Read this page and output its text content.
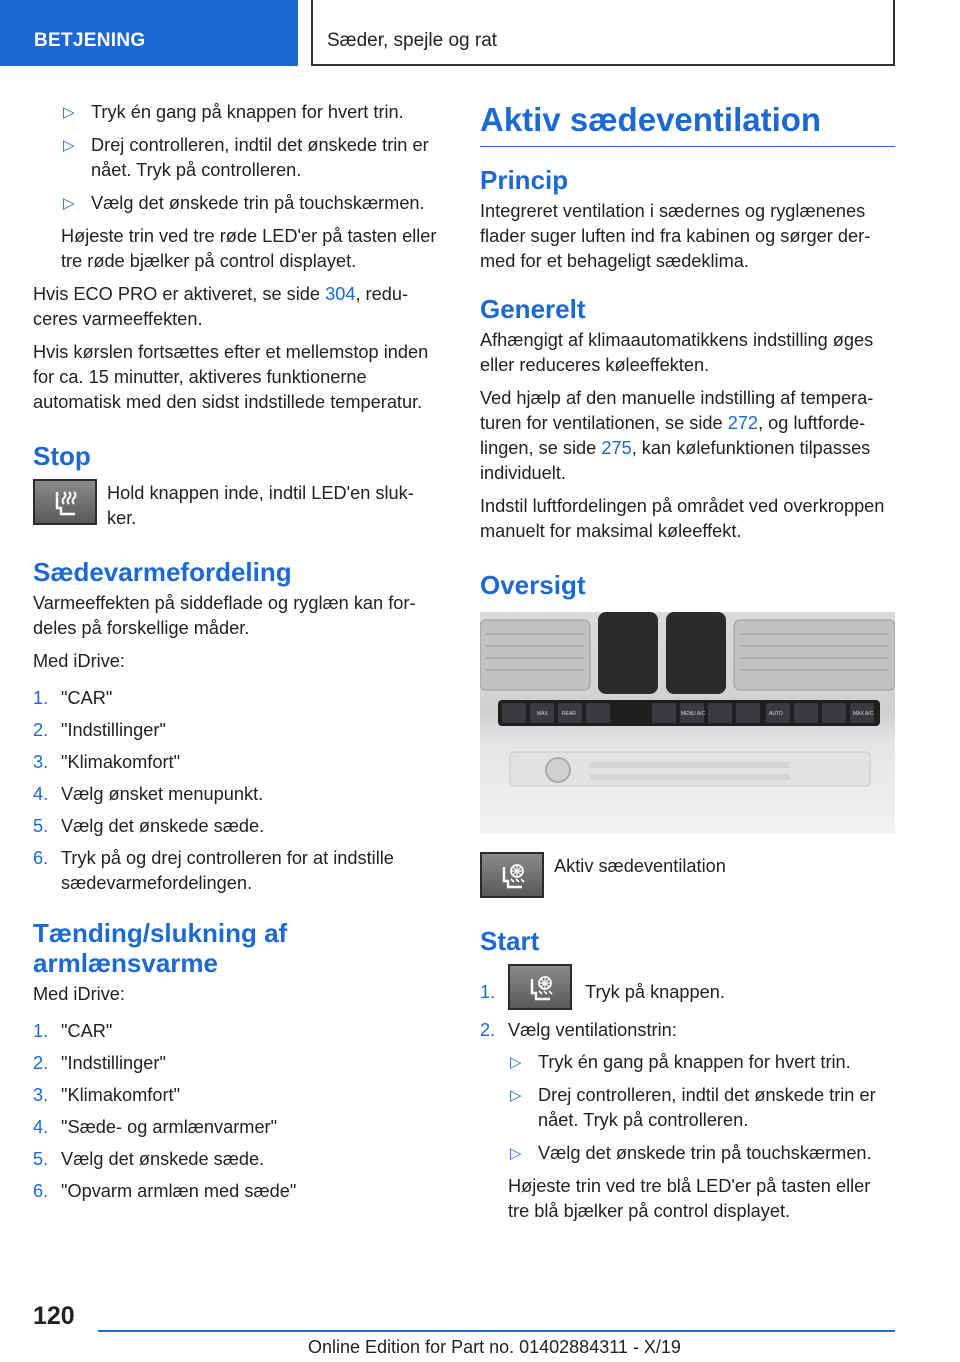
BETJENING	Sæder, spejle og rat
▷ Tryk én gang på knappen for hvert trin.
▷ Drej controlleren, indtil det ønskede trin er nået. Tryk på controlleren.
▷ Vælg det ønskede trin på touchskærmen.

Højeste trin ved tre røde LED'er på tasten eller tre røde bjælker på control displayet.

Hvis ECO PRO er aktiveret, se side 304, reduceres varmeeffekten.

Hvis kørslen fortsættes efter et mellemstop inden for ca. 15 minutter, aktiveres funktionerne automatisk med den sidst indstillede temperatur.

Stop
Hold knappen inde, indtil LED'en slukker.
Sædevarmefordeling

Varmeeffekten på siddeflade og ryglæn kan fordeles på forskellige måder.

Med iDrive:

1. "CAR"
2. "Indstillinger"
3. "Klimakomfort"
4. Vælg ønsket menupunkt.
5. Vælg det ønskede sæde.
6. Tryk på og drej controlleren for at indstille sædevarmefordelingen.
Tænding/slukning af armlænsvarme

Med iDrive:

1. "CAR"
2. "Indstillinger"
3. "Klimakomfort"
4. "Sæde- og armlænvarmer"
5. Vælg det ønskede sæde.
6. "Opvarm armlæn med sæde"
Aktiv sædeventilation
Princip

Integreret ventilation i sædernes og ryglænenes flader suger luften ind fra kabinen og sørger dermed for et behageligt sædeklima.

Generelt

Afhængigt af klimaautomatikkens indstilling øges eller reduceres køleeffekten.

Ved hjælp af den manuelle indstilling af temperaturen for ventilationen, se side 272, og luftfordelingen, se side 275, kan kølefunktionen tilpasses individuelt.

Indstil luftfordelingen på området ved overkroppen manuelt for maksimal køleeffekt.

Oversigt
MAX	REAR	MENU A/C	AUTO	MAX A/C
Aktiv sædeventilation
Start
1.	Tryk på knappen.
2. Vælg ventilationstrin:
▷ Tryk én gang på knappen for hvert trin.
▷ Drej controlleren, indtil det ønskede trin er nået. Tryk på controlleren.
▷ Vælg det ønskede trin på touchskærmen.

Højeste trin ved tre blå LED'er på tasten eller tre blå bjælker på control displayet.

120
Online Edition for Part no. 01402884311 - X/19
